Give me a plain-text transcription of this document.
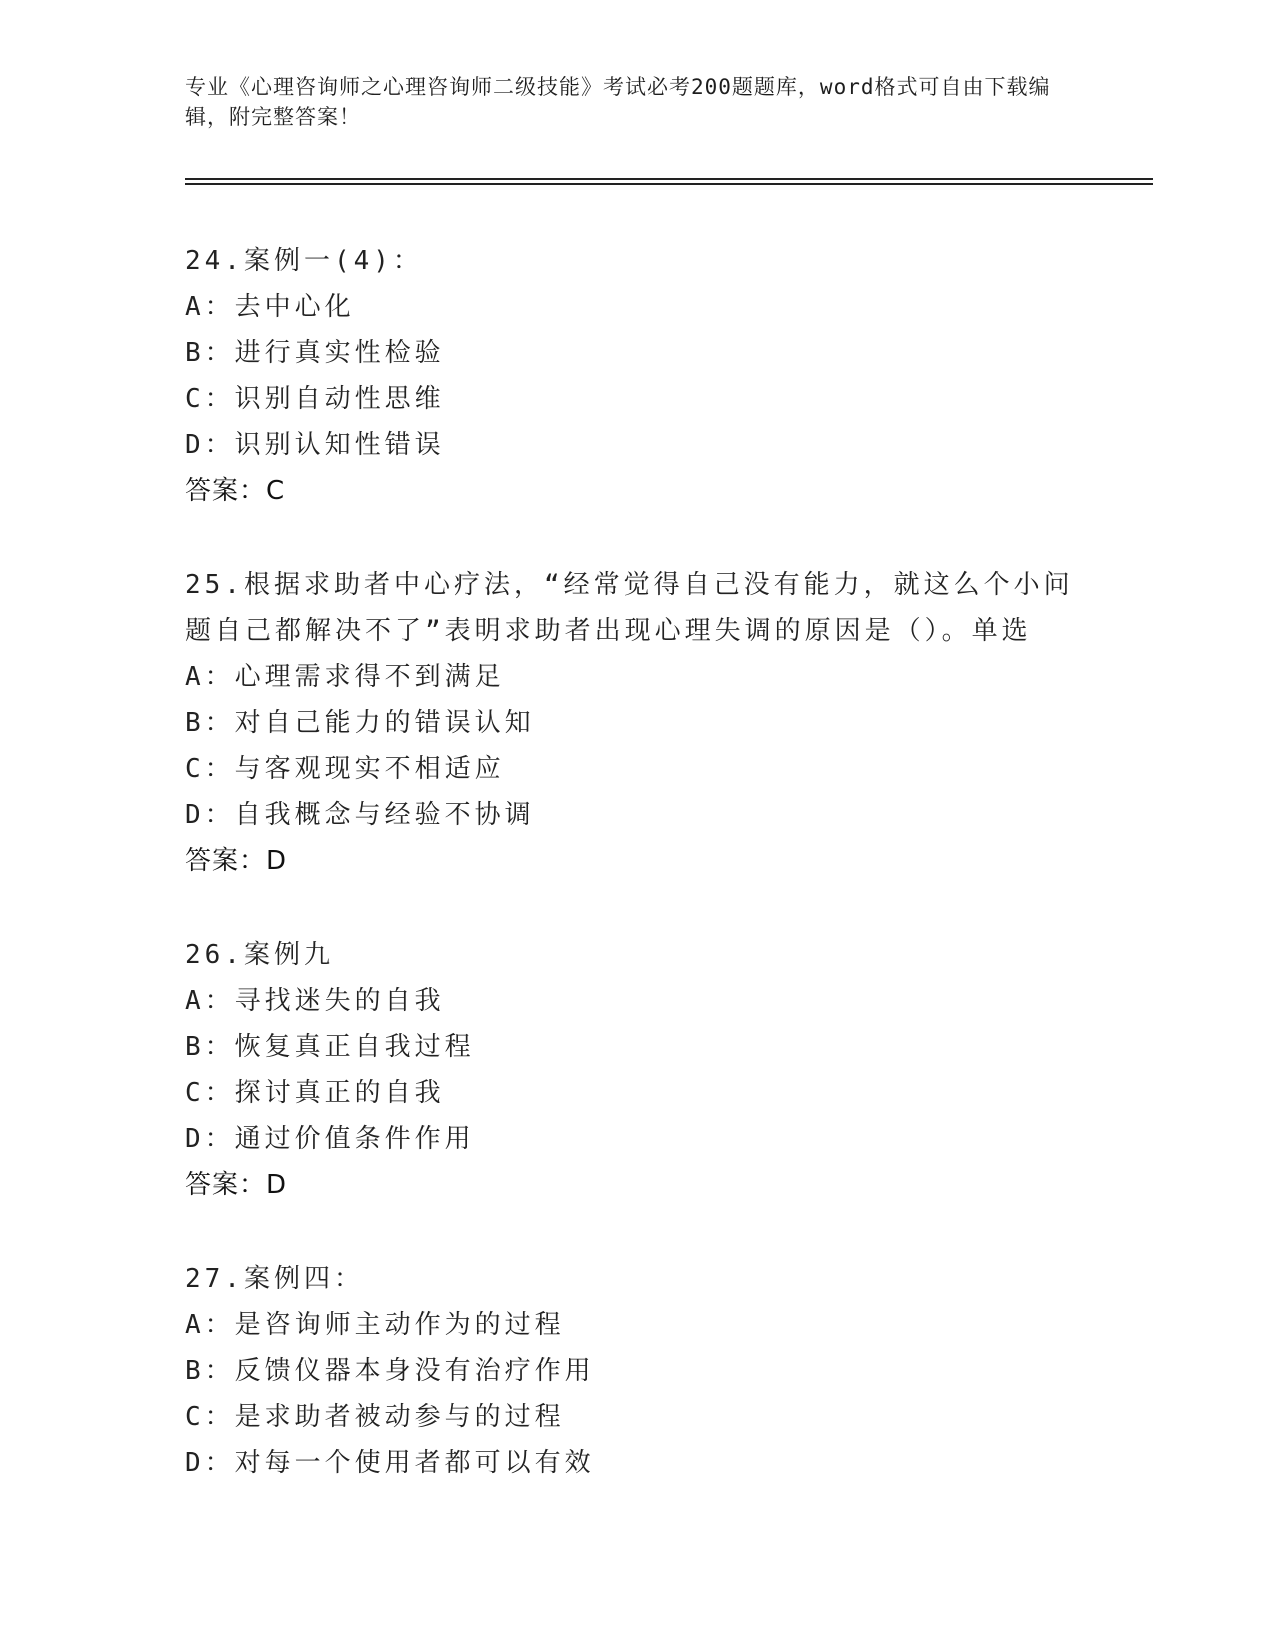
专业《心理咨询师之心理咨询师二级技能》考试必考200题题库，word格式可自由下载编辑，附完整答案！
24.案例一(4)：
A：去中心化
B：进行真实性检验
C：识别自动性思维
D：识别认知性错误
答案：C
25.根据求助者中心疗法，“经常觉得自己没有能力，就这么个小问题自己都解决不了”表明求助者出现心理失调的原因是（）。单选
A：心理需求得不到满足
B：对自己能力的错误认知
C：与客观现实不相适应
D：自我概念与经验不协调
答案：D
26.案例九
A：寻找迷失的自我
B：恢复真正自我过程
C：探讨真正的自我
D：通过价值条件作用
答案：D
27.案例四：
A：是咨询师主动作为的过程
B：反馈仪器本身没有治疗作用
C：是求助者被动参与的过程
D：对每一个使用者都可以有效
